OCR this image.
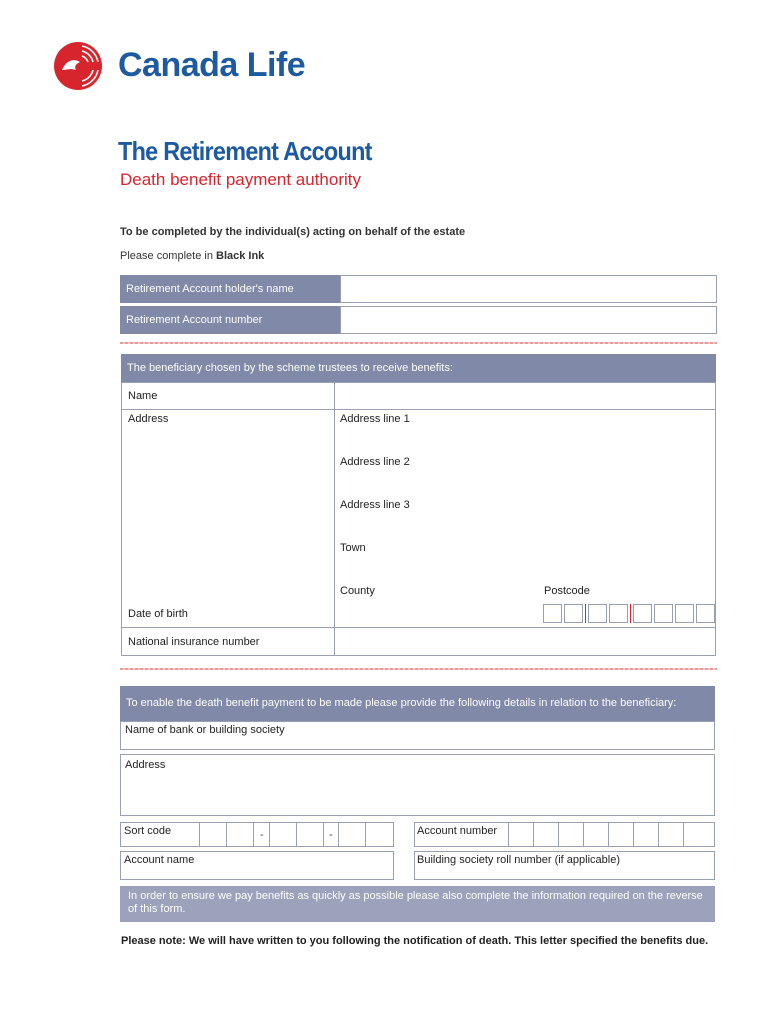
Canada Life
The Retirement Account
Death benefit payment authority
To be completed by the individual(s) acting on behalf of the estate
Please complete in Black Ink
Retirement Account holder's name
Retirement Account number
The beneficiary chosen by the scheme trustees to receive benefits:
Name
Address	Address line 1
Address line 2
Address line 3
Town
County	Postcode
Date of birth
National insurance number
To enable the death benefit payment to be made please provide the following details in relation to the beneficiary:
Name of bank or building society
Address
Sort code	-	-	Account number
Account name	Building society roll number (if applicable)
In order to ensure we pay benefits as quickly as possible please also complete the information required on the reverse of this form.
Please note: We will have written to you following the notification of death. This letter specified the benefits due.
